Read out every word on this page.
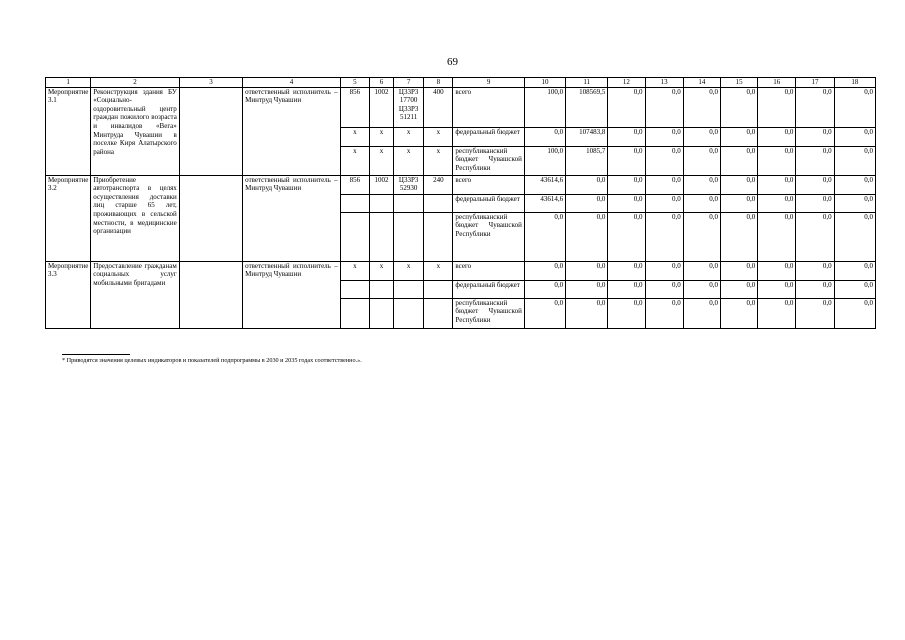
69
1	2	3	4	5	6	7	8	9	10	11	12	13	14	15	16	17	18
Мероприятие 3.1	Реконструкция здания БУ «Социально-оздоровительный центр граждан пожилого возраста и инвалидов «Вега» Минтруда Чувашии в поселке Киря Алатырского района		ответственный исполнитель – Минтруд Чувашии	856	1002	Ц33Р3 17700 Ц33Р3 51211	400	всего	100,0	108569,5	0,0	0,0	0,0	0,0	0,0	0,0	0,0
				x	x	x	x	федеральный бюджет	0,0	107483,8	0,0	0,0	0,0	0,0	0,0	0,0	0,0
				x	x	x	x	республиканский бюджет Чувашской Республики	100,0	1085,7	0,0	0,0	0,0	0,0	0,0	0,0	0,0
Мероприятие 3.2	Приобретение автотранспорта в целях осуществления доставки лиц старше 65 лет, проживающих в сельской местности, в медицинские организации		ответственный исполнитель – Минтруд Чувашии	856	1002	Ц33Р3 52930	240	всего	43614,6	0,0	0,0	0,0	0,0	0,0	0,0	0,0	0,0
								федеральный бюджет	43614,6	0,0	0,0	0,0	0,0	0,0	0,0	0,0	0,0
								республиканский бюджет Чувашской Республики	0,0	0,0	0,0	0,0	0,0	0,0	0,0	0,0	0,0
Мероприятие 3.3	Предоставление гражданам социальных услуг мобильными бригадами		ответственный исполнитель – Минтруд Чувашии	x	x	x	x	всего	0,0	0,0	0,0	0,0	0,0	0,0	0,0	0,0	0,0
								федеральный бюджет	0,0	0,0	0,0	0,0	0,0	0,0	0,0	0,0	0,0
								республиканский бюджет Чувашской Республики	0,0	0,0	0,0	0,0	0,0	0,0	0,0	0,0	0,0
* Приводятся значения целевых индикаторов и показателей подпрограммы в 2030 и 2035 годах соответственно.».
